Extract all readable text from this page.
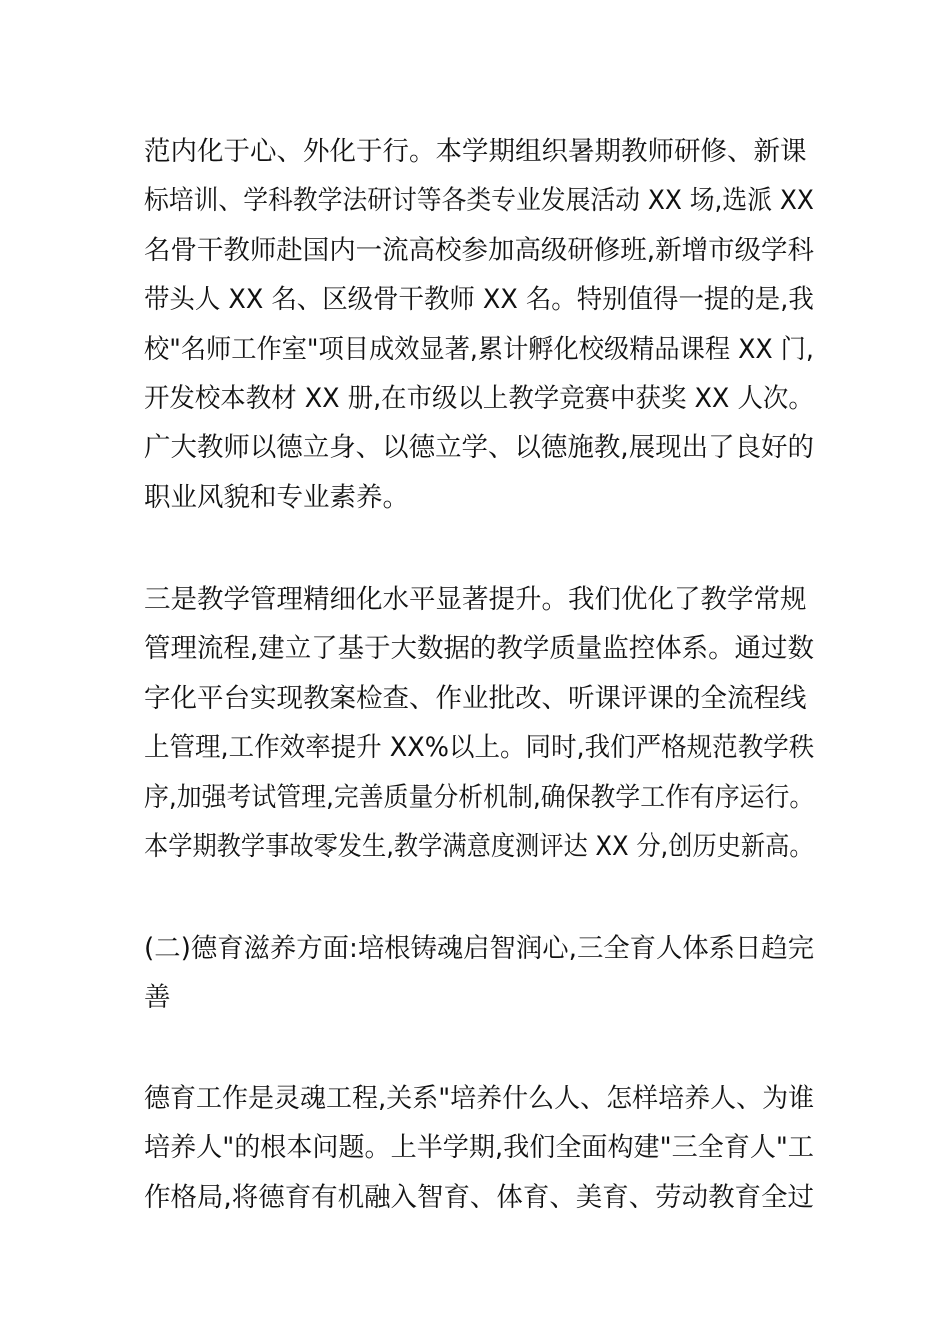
范内化于心、外化于行。本学期组织暑期教师研修、新课
标培训、学科教学法研讨等各类专业发展活动 XX 场,选派 XX
名骨干教师赴国内一流高校参加高级研修班,新增市级学科
带头人 XX 名、区级骨干教师 XX 名。特别值得一提的是,我
校"名师工作室"项目成效显著,累计孵化校级精品课程 XX 门,
开发校本教材 XX 册,在市级以上教学竞赛中获奖 XX 人次。
广大教师以德立身、以德立学、以德施教,展现出了良好的
职业风貌和专业素养。
三是教学管理精细化水平显著提升。我们优化了教学常规
管理流程,建立了基于大数据的教学质量监控体系。通过数
字化平台实现教案检查、作业批改、听课评课的全流程线
上管理,工作效率提升 XX%以上。同时,我们严格规范教学秩
序,加强考试管理,完善质量分析机制,确保教学工作有序运行。
本学期教学事故零发生,教学满意度测评达 XX 分,创历史新高。
(二)德育滋养方面:培根铸魂启智润心,三全育人体系日趋完
善
德育工作是灵魂工程,关系"培养什么人、怎样培养人、为谁
培养人"的根本问题。上半学期,我们全面构建"三全育人"工
作格局,将德育有机融入智育、体育、美育、劳动教育全过
